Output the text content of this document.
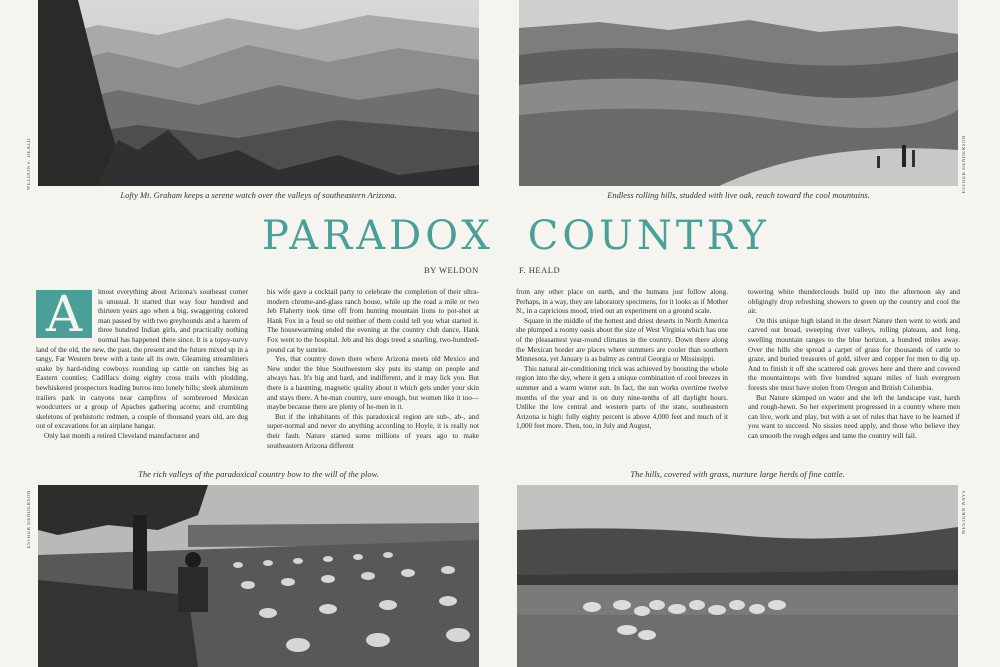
WELDON F. HEALD
Lofty Mt. Graham keeps a serene watch over the valleys of southeastern Arizona.
ESTHER HENDERSON
Endless rolling hills, studded with live oak, reach toward the cool mountains.
PARADOX COUNTRY
BY WELDON	F. HEALD
A	lmost everything about Arizona's southeast corner is unusual. It started that way four hundred and thirteen years ago when a big, swaggering colored man passed by with two greyhounds and a harem of three hundred Indian girls, and practically nothing normal has happened there since. It is a topsy-turvy land of the old, the new, the past, the present and the future mixed up in a tangy, Far Western brew with a taste all its own. Gleaming streamliners snake by hard-riding cowboys rounding up cattle on ranches big as Eastern counties; Cadillacs doing eighty cross trails with plodding, bewhiskered prospectors leading burros into lonely hills; sleek aluminum trailers park in canyons near campfires of sombreroed Mexican woodcutters or a group of Apaches gathering acorns; and crumbling skeletons of prehistoric redmen, a couple of thousand years old, are dug out of excavations for an airplane hangar.

Only last month a retired Cleveland manufacturer and

his wife gave a cocktail party to celebrate the completion of their ultra-modern chrome-and-glass ranch house, while up the road a mile or two Jeb Flaherty took time off from hunting mountain lions to pot-shot at Hank Fox in a feud so old neither of them could tell you what started it. The housewarming ended the evening at the country club dance, Hank Fox went to the hospital. Jeb and his dogs treed a snarling, two-hundred-pound cat by sunrise.

Yes, that country down there where Arizona meets old Mexico and New under the blue Southwestern sky puts its stamp on people and always has. It's big and hard, and indifferent, and it may lick you. But there is a haunting, magnetic quality about it which gets under your skin and stays there. A he-man country, sure enough, but women like it too—maybe because there are plenty of he-men in it.

But if the inhabitants of this paradoxical region are sub-, ab-, and super-normal and never do anything according to Hoyle, it is really not their fault. Nature started some millions of years ago to make southeastern Arizona different

from any other place on earth, and the humans just follow along. Perhaps, in a way, they are laboratory specimens, for it looks as if Mother N., in a capricious mood, tried out an experiment on a ground scale.

Square in the middle of the hottest and driest deserts in North America she plumped a roomy oasis about the size of West Virginia which has one of the pleasantest year-round climates in the country. Down there along the Mexican border are places where summers are cooler than southern Minnesota, yet January is as balmy as central Georgia or Mississippi.

This natural air-conditioning trick was achieved by boosting the whole region into the sky, where it gets a unique combination of cool breezes in summer and a warm winter sun. In fact, the sun works overtime twelve months of the year and is on duty nine-tenths of all daylight hours. Unlike the low central and western parts of the state, southeastern Arizona is high: fully eighty percent is above 4,000 feet and much of it 1,000 feet more. Then, too, in July and August,

towering white thunderclouds build up into the afternoon sky and obligingly drop refreshing showers to green up the country and cool the air.

On this unique high island in the desert Nature then went to work and carved out broad, sweeping river valleys, rolling plateaus, and long, swelling mountain ranges to the blue horizon, a hundred miles away. Over the hills she spread a carpet of grass for thousands of cattle to graze, and buried treasures of gold, silver and copper for men to dig up. And to finish it off she scattered oak groves here and there and covered the mountaintops with five hundred square miles of lush evergreen forests she must have stolen from Oregon and British Columbia.

But Nature skimped on water and she left the landscape vast, harsh and rough-hewn. So her experiment progressed in a country where men can live, work and play, but with a set of rules that have to be learned if you want to succeed. No sissies need apply, and those who believe they can smooth the rough edges and tame the country will fail.

The rich valleys of the paradoxical country bow to the will of the plow.	The hills, covered with grass, nurture large herds of fine cattle.
ESTHER HENDERSON	WESTERN WAYS
